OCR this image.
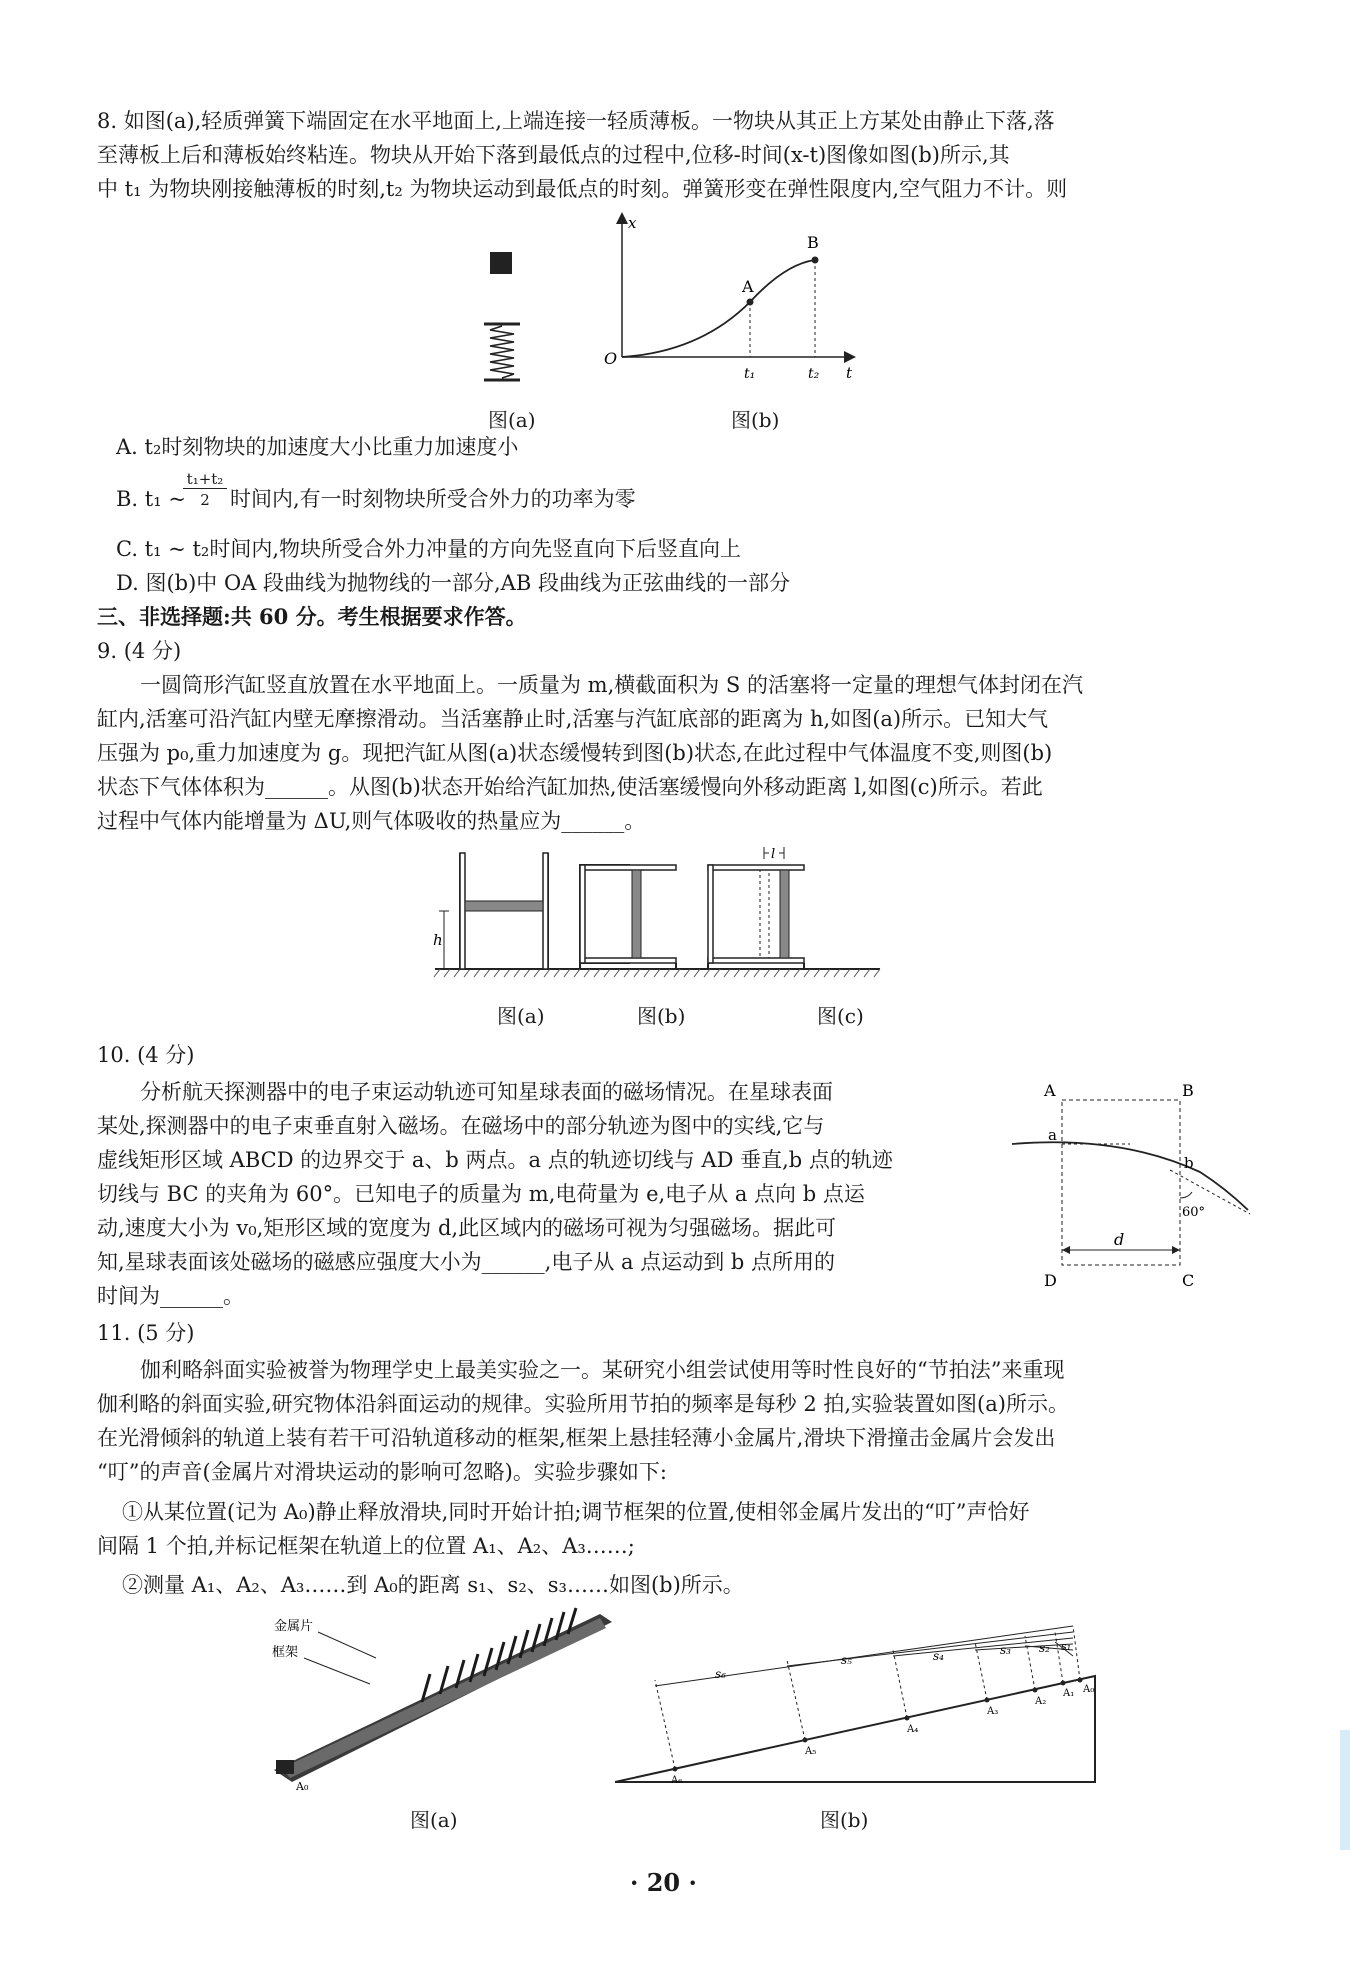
8. 如图(a),轻质弹簧下端固定在水平地面上,上端连接一轻质薄板。一物块从其正上方某处由静止下落,落
至薄板上后和薄板始终粘连。物块从开始下落到最低点的过程中,位移-时间(x-t)图像如图(b)所示,其
中 t₁ 为物块刚接触薄板的时刻,t₂ 为物块运动到最低点的时刻。弹簧形变在弹性限度内,空气阻力不计。则
图(a)
x
O
A
B
t₁	t₂ t
图(b)
A. t₂时刻物块的加速度大小比重力加速度小
B. t₁ ~
t₁+t₂
2 时间内,有一时刻物块所受合外力的功率为零
C. t₁ ~ t₂时间内,物块所受合外力冲量的方向先竖直向下后竖直向上
D. 图(b)中 OA 段曲线为抛物线的一部分,AB 段曲线为正弦曲线的一部分
三、非选择题:共 60 分。考生根据要求作答。
9. (4 分)
一圆筒形汽缸竖直放置在水平地面上。一质量为 m,横截面积为 S 的活塞将一定量的理想气体封闭在汽
缸内,活塞可沿汽缸内壁无摩擦滑动。当活塞静止时,活塞与汽缸底部的距离为 h,如图(a)所示。已知大气
压强为 p₀,重力加速度为 g。现把汽缸从图(a)状态缓慢转到图(b)状态,在此过程中气体温度不变,则图(b)
状态下气体体积为______。从图(b)状态开始给汽缸加热,使活塞缓慢向外移动距离 l,如图(c)所示。若此
过程中气体内能增量为 ΔU,则气体吸收的热量应为______。
h
l
图(a)	图(b)	图(c)
10. (4 分)
分析航天探测器中的电子束运动轨迹可知星球表面的磁场情况。在星球表面
某处,探测器中的电子束垂直射入磁场。在磁场中的部分轨迹为图中的实线,它与
虚线矩形区域 ABCD 的边界交于 a、b 两点。a 点的轨迹切线与 AD 垂直,b 点的轨迹
切线与 BC 的夹角为 60°。已知电子的质量为 m,电荷量为 e,电子从 a 点向 b 点运
动,速度大小为 v₀,矩形区域的宽度为 d,此区域内的磁场可视为匀强磁场。据此可
知,星球表面该处磁场的磁感应强度大小为______,电子从 a 点运动到 b 点所用的
时间为______。
A	B
C
D
a
b
60°
d
11. (5 分)
伽利略斜面实验被誉为物理学史上最美实验之一。某研究小组尝试使用等时性良好的“节拍法”来重现
伽利略的斜面实验,研究物体沿斜面运动的规律。实验所用节拍的频率是每秒 2 拍,实验装置如图(a)所示。
在光滑倾斜的轨道上装有若干可沿轨道移动的框架,框架上悬挂轻薄小金属片,滑块下滑撞击金属片会发出
“叮”的声音(金属片对滑块运动的影响可忽略)。实验步骤如下:
①从某位置(记为 A₀)静止释放滑块,同时开始计拍;调节框架的位置,使相邻金属片发出的“叮”声恰好
间隔 1 个拍,并标记框架在轨道上的位置 A₁、A₂、A₃……;
②测量 A₁、A₂、A₃……到 A₀的距离 s₁、s₂、s₃……如图(b)所示。
金属片
框架
A₀
图(a)
s₆
s₅	s₄	s₃ s₂ s₁
A₀
A₁
A₂
A₃
A₄
A₅
A₆
图(b)
· 20 ·
